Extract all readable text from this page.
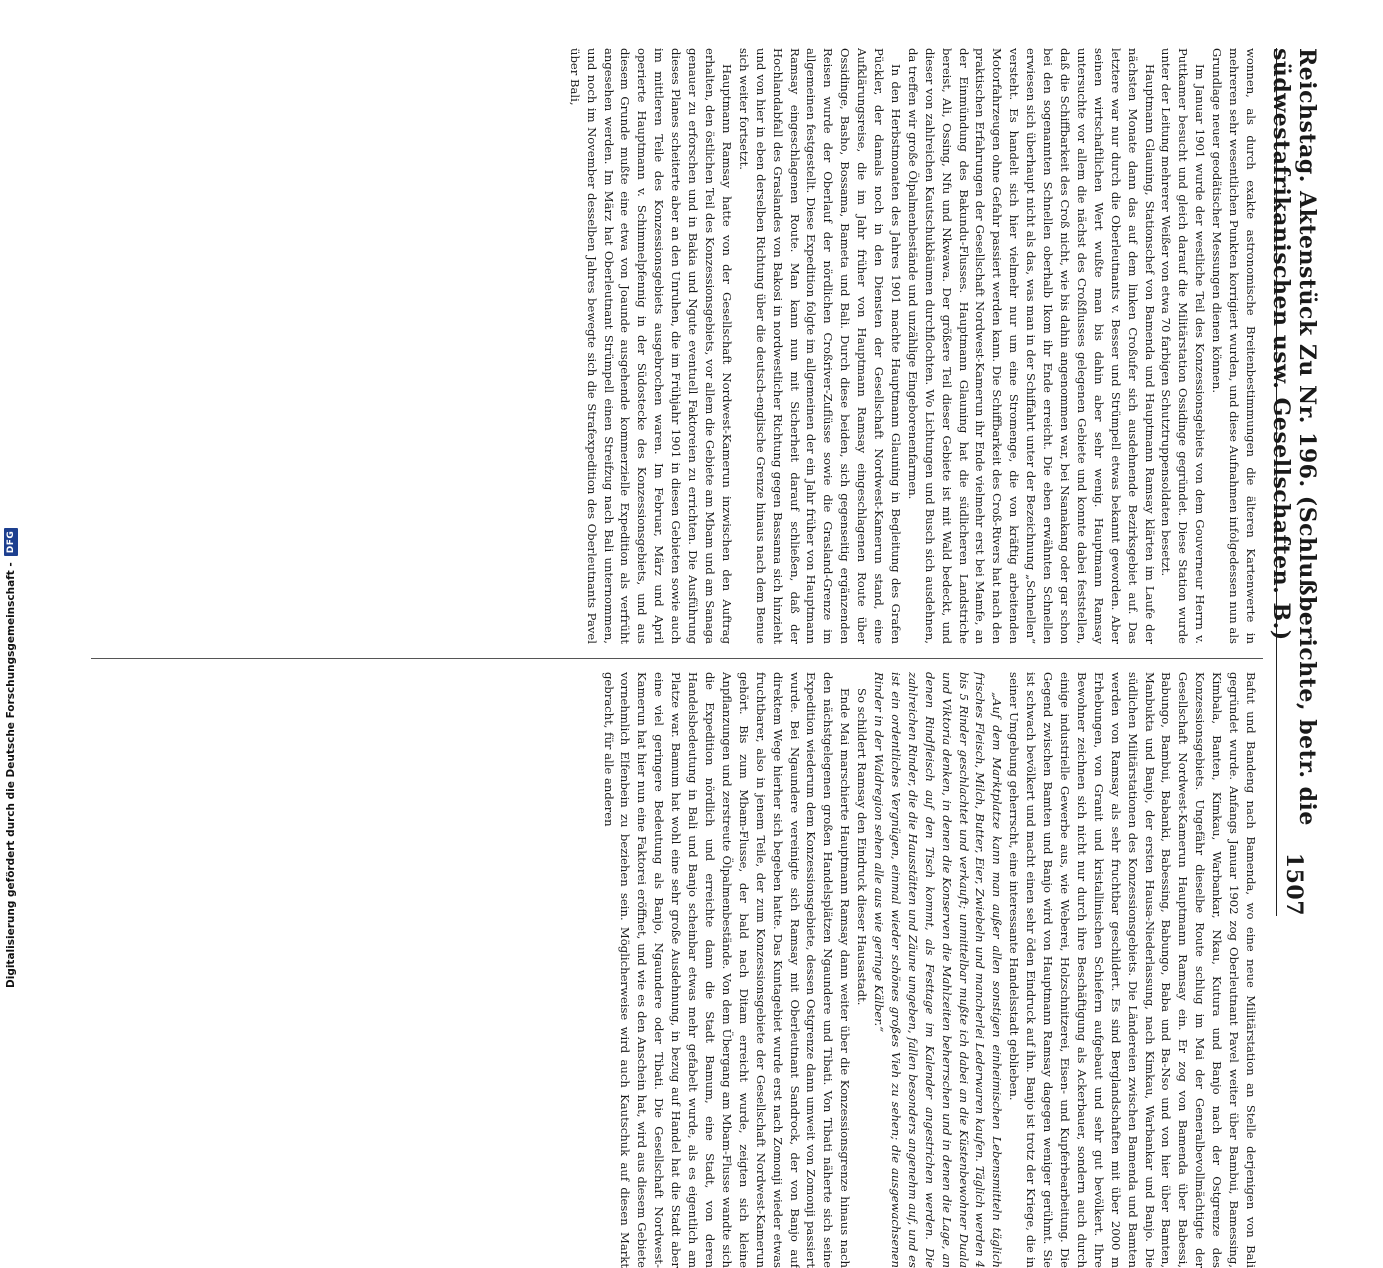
Reichstag. Aktenstück Zu Nr. 196. (Schlußberichte, betr. die südwestafrikanischen usw. Gesellschaften. B.)
1507

wonnen, als durch exakte astronomische Breitenbestimmungen die älteren Kartenwerte in mehreren sehr wesentlichen Punkten korrigiert wurden, und diese Aufnahmen infolgedessen nun als Grundlage neuer geodätischer Messungen dienen können.

Im Januar 1901 wurde der westliche Teil des Konzessionsgebiets von dem Gouverneur Herrn v. Puttkamer besucht und gleich darauf die Militärstation Ossidinge gegründet. Diese Station wurde unter der Leitung mehrerer Weißer von etwa 70 farbigen Schutztruppensoldaten besetzt.

Hauptmann Glauning, Stationschef von Bamenda und Hauptmann Ramsay klärten im Laufe der nächsten Monate dann das auf dem linken Croßufer sich ausdehnende Bezirksgebiet auf. Das letztere war nur durch die Oberleutnants v. Besser und Strümpell etwas bekannt geworden. Aber seinen wirtschaftlichen Wert wußte man bis dahin aber sehr wenig. Hauptmann Ramsay untersuchte vor allem die nächst des Croßflusses gelegenen Gebiete und konnte dabei feststellen, daß die Schiffbarkeit des Croß nicht, wie bis dahin angenommen war, bei Nsanakang oder gar schon bei den sogenannten Schnellen oberhalb Ikom ihr Ende erreicht. Die eben erwähnten Schnellen erwiesen sich überhaupt nicht als das, was man in der Schiffahrt unter der Bezeichnung „Schnellen“ versteht. Es handelt sich hier vielmehr nur um eine Stromenge, die von kräftig arbeitenden Motorfahrzeugen ohne Gefahr passiert werden kann. Die Schiffbarkeit des Croß-Rivers hat nach den praktischen Erfahrungen der Gesellschaft Nordwest-Kamerun ihr Ende vielmehr erst bei Mamfe, an der Einmündung des Bakundu-Flusses. Hauptmann Glauning hat die südlicheren Landstriche bereist, Ali, Ossing, Nfu und Nkwawa. Der größere Teil dieser Gebiete ist mit Wald bedeckt, und dieser von zahlreichen Kautschukbäumen durchflochten. Wo Lichtungen und Busch sich ausdehnen, da treffen wir große Ölpalmenbestände und unzählige Eingeborenenfarmen.

In den Herbstmonaten des Jahres 1901 machte Hauptmann Glauning in Begleitung des Grafen Pückler, der damals noch in den Diensten der Gesellschaft Nordwest-Kamerun stand, eine Aufklärungsreise, die im Jahr früher von Hauptmann Ramsay eingeschlagenen Route über Ossidinge, Basho, Bossama, Bameta und Bali. Durch diese beiden, sich gegenseitig ergänzenden Reisen wurde der Oberlauf der nördlichen Croßriver-Zuflüsse sowie die Grasland-Grenze im allgemeinen festgestellt. Diese Expedition folgte im allgemeinen der ein Jahr früher von Hauptmann Ramsay eingeschlagenen Route. Man kann nun mit Sicherheit darauf schließen, daß der Hochlandabfall des Graslandes von Bakosi in nordwestlicher Richtung gegen Bassama sich hinzieht und von hier in eben derselben Richtung über die deutsch-englische Grenze hinaus nach dem Benue sich weiter fortsetzt.

Hauptmann Ramsay hatte von der Gesellschaft Nordwest-Kamerun inzwischen den Auftrag erhalten, den östlichen Teil des Konzessionsgebiets, vor allem die Gebiete am Mbam und am Sanaga genauer zu erforschen und in Bakia und Ngute eventuell Faktoreien zu errichten. Die Ausführung dieses Planes scheiterte aber an den Unruhen, die im Frühjahr 1901 in diesen Gebieten sowie auch im mittleren Teile des Konzessionsgebiets ausgebrochen waren. Im Februar, März und April operierte Hauptmann v. Schimmelpfennig in der Südostecke des Konzessionsgebiets, und aus diesem Grunde mußte eine etwa von Joaunde ausgehende kommerzielle Expedition als verfrüht angesehen werden. Im März hat Oberleutnant Strümpell einen Streifzug nach Bali unternommen, und noch im November desselben Jahres bewegte sich die Strafexpedition des Oberleutnants Pavel über Bali,

Bafut und Bandeng nach Bamenda, wo eine neue Militärstation an Stelle derjenigen von Bali gegründet wurde. Anfangs Januar 1902 zog Oberleutnant Pavel weiter über Bambui, Bamessing, Kimbala, Banten, Kimkau, Warbankar, Nkau, Kutura und Banjo nach der Ostgrenze des Konzessionsgebiets. Ungefähr dieselbe Route schlug im Mai der Generalbevollmächtigte der Gesellschaft Nordwest-Kamerun Hauptmann Ramsay ein. Er zog von Bamenda über Babessi, Babungo, Bambui, Babanki, Babessing, Babungo, Baba und Ba-Nso und von hier über Bamten, Manbukta und Banjo, der ersten Hausa-Niederlassung, nach Kimkau, Warbankar und Banjo. Die südlichen Militärstationen des Konzessionsgebiets. Die Ländereien zwischen Bamenda und Bamten werden von Ramsay als sehr fruchtbar geschildert. Es sind Berglandschaften mit über 2000 m Erhebungen, von Granit und kristallinischen Schiefern aufgebaut und sehr gut bevölkert. Ihre Bewohner zeichnen sich nicht nur durch ihre Beschäftigung als Ackerbauer, sondern auch durch einige industrielle Gewerbe aus, wie Weberei, Holzschnitzerei, Eisen- und Kupferbearbeitung. Die Gegend zwischen Bamten und Banjo wird von Hauptmann Ramsay dagegen weniger gerühmt. Sie ist schwach bevölkert und macht einen sehr öden Eindruck auf ihn. Banjo ist trotz der Kriege, die in seiner Umgebung geherrscht, eine interessante Handelsstadt geblieben.

„Auf dem Marktplatze kann man außer allen sonstigen einheimischen Lebensmitteln täglich frisches Fleisch, Milch, Butter, Eier, Zwiebeln und mancherlei Lederwaren kaufen. Täglich werden 4 bis 5 Rinder geschlachtet und verkauft; unmittelbar mußte ich dabei an die Küstenbewohner Duala und Viktoria denken, in denen die Konserven die Mahlzeiten beherrschen und in denen die Lage, an denen Rindfleisch auf den Tisch kommt, als Festtage im Kalender angestrichen werden. Die zahlreichen Rinder, die die Hausstätten und Zäune umgeben, fallen besonders angenehm auf, und es ist ein ordentliches Vergnügen, einmal wieder schönes großes Vieh zu sehen; die ausgewachsenen Rinder in der Waldregion sehen alle aus wie geringe Kälber.“

So schildert Ramsay den Eindruck dieser Hausastadt.

Ende Mai marschierte Hauptmann Ramsay dann weiter über die Konzessionsgrenze hinaus nach den nächstgelegenen großen Handelsplätzen Ngaundere und Tibati. Von Tibati näherte sich seine Expedition wiederum dem Konzessionsgebiete, dessen Ostgrenze dann umweit von Zomonji passiert wurde. Bei Ngaundere vereinigte sich Ramsay mit Oberleutnant Sandrock, der von Banjo auf direktem Wege hierher sich begeben hatte. Das Kuntagebiet wurde erst nach Zomonji wieder etwas fruchtbarer, also in jenem Teile, der zum Konzessionsgebiete der Gesellschaft Nordwest-Kamerun gehört. Bis zum Mbam-Flusse, der bald nach Ditam erreicht wurde, zeigten sich kleine Anpflanzungen und zerstreute Ölpalmenbestände. Von dem Übergang am Mbam-Flusse wandte sich die Expedition nördlich und erreichte dann die Stadt Bamum, eine Stadt, von deren Handelsbedeutung in Bali und Banjo scheinbar etwas mehr gefabelt wurde, als es eigentlich am Platze war. Bamum hat wohl eine sehr große Ausdehnung, in bezug auf Handel hat die Stadt aber eine viel geringere Bedeutung als Banjo, Ngaundere oder Tibati. Die Gesellschaft Nordwest-Kamerun hat hier nun eine Faktorei eröffnet, und wie es den Anschein hat, wird aus diesem Gebiete vornehmlich Elfenbein zu beziehen sein. Möglicherweise wird auch Kautschuk auf diesen Markt gebracht, für alle anderen

Digitalisierung gefördert durch die Deutsche Forschungsgemeinschaft -
DFG
